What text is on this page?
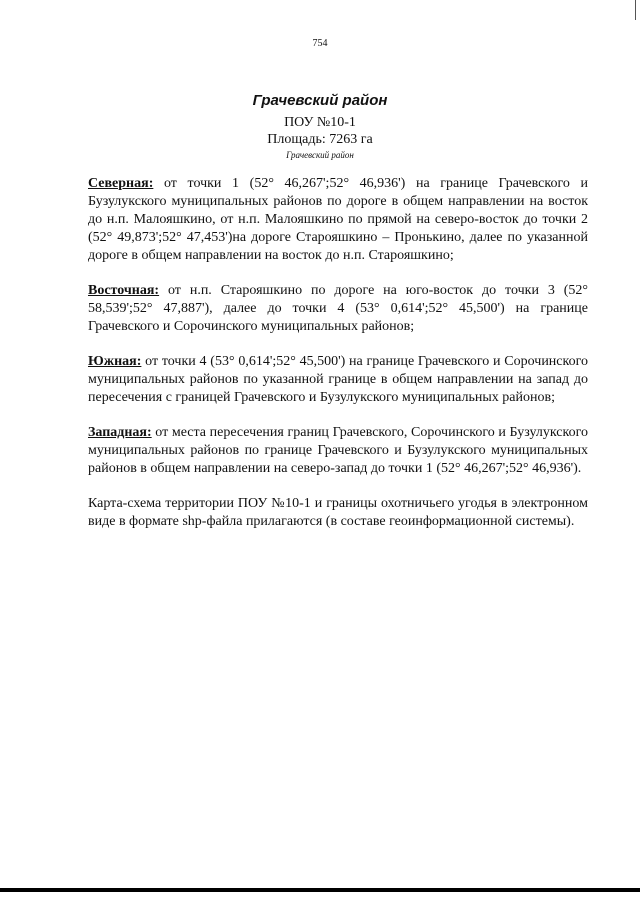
754
Грачевский район
ПОУ №10-1
Площадь: 7263 га
Грачевский район

Северная: от точки 1 (52° 46,267';52° 46,936') на границе Грачевского и Бузулукского муниципальных районов по дороге в общем направлении на восток до н.п. Малояшкино, от н.п. Малояшкино по прямой на северо-восток до точки 2 (52° 49,873';52° 47,453')на дороге Старояшкино – Пронькино, далее по указанной дороге в общем направлении на восток до н.п. Старояшкино;

Восточная: от н.п. Старояшкино по дороге на юго-восток до точки 3 (52° 58,539';52° 47,887'), далее до точки 4 (53° 0,614';52° 45,500') на границе Грачевского и Сорочинского муниципальных районов;

Южная: от точки 4 (53° 0,614';52° 45,500') на границе Грачевского и Сорочинского муниципальных районов по указанной границе в общем направлении на запад до пересечения с границей Грачевского и Бузулукского муниципальных районов;

Западная: от места пересечения границ Грачевского, Сорочинского и Бузулукского муниципальных районов по границе Грачевского и Бузулукского муниципальных районов в общем направлении на северо-запад до точки 1 (52° 46,267';52° 46,936').

Карта-схема территории ПОУ №10-1 и границы охотничьего угодья в электронном виде в формате shp-файла прилагаются (в составе геоинформационной системы).
